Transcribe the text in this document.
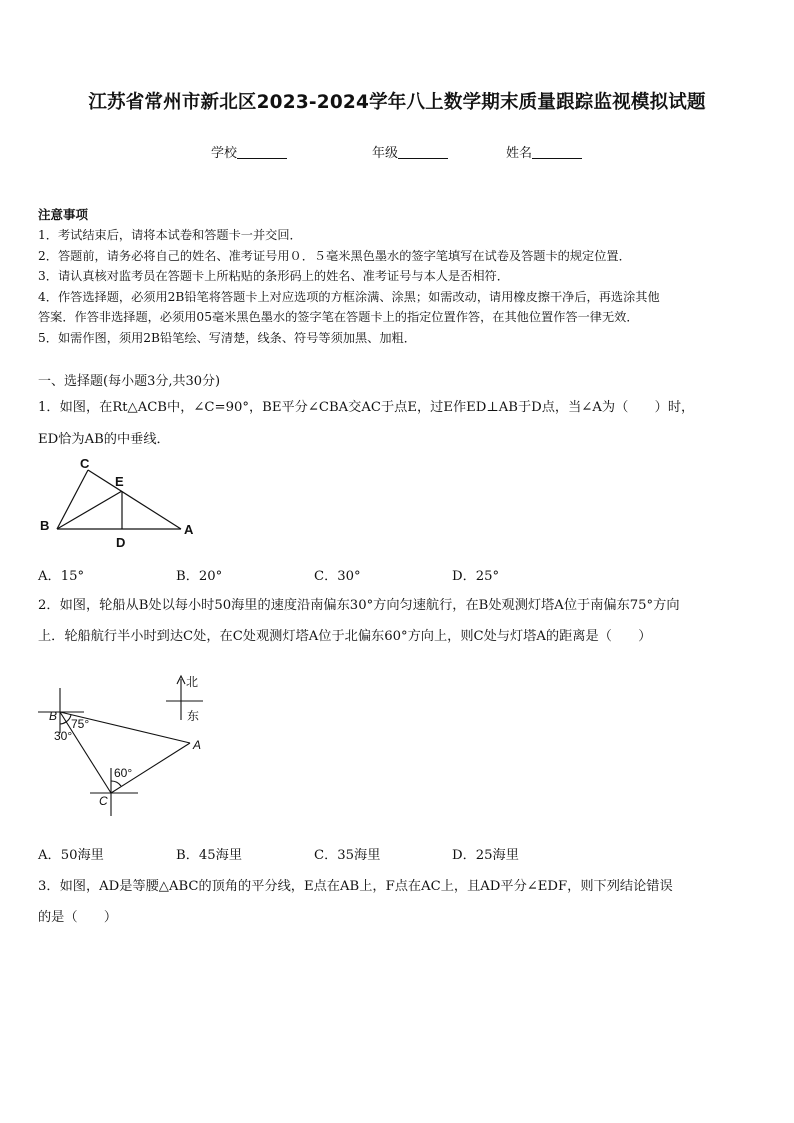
江苏省常州市新北区2023-2024学年八上数学期末质量跟踪监视模拟试题
学校	年级	姓名
注意事项
1．考试结束后，请将本试卷和答题卡一并交回．
2．答题前，请务必将自己的姓名、准考证号用０．５毫米黑色墨水的签字笔填写在试卷及答题卡的规定位置．
3．请认真核对监考员在答题卡上所粘贴的条形码上的姓名、准考证号与本人是否相符．
4．作答选择题，必须用2B铅笔将答题卡上对应选项的方框涂满、涂黑；如需改动，请用橡皮擦干净后，再选涂其他
答案．作答非选择题，必须用05毫米黑色墨水的签字笔在答题卡上的指定位置作答，在其他位置作答一律无效．
5．如需作图，须用2B铅笔绘、写清楚，线条、符号等须加黑、加粗．
一、选择题(每小题3分,共30分)
1．如图，在Rt△ACB中，∠C=90°，BE平分∠CBA交AC于点E，过E作ED⊥AB于D点，当∠A为（　　）时，
ED恰为AB的中垂线．
C
E
B
D
A
A．15°	B．20°	C．30°	D．25°
2．如图，轮船从B处以每小时50海里的速度沿南偏东30°方向匀速航行，在B处观测灯塔A位于南偏东75°方向
上．轮船航行半小时到达C处，在C处观测灯塔A位于北偏东60°方向上，则C处与灯塔A的距离是（　　）
北
东
B
75°
30°
A
60°
C
A．50海里	B．45海里	C．35海里	D．25海里
3．如图，AD是等腰△ABC的顶角的平分线，E点在AB上，F点在AC上，且AD平分∠EDF，则下列结论错误
的是（　　）
